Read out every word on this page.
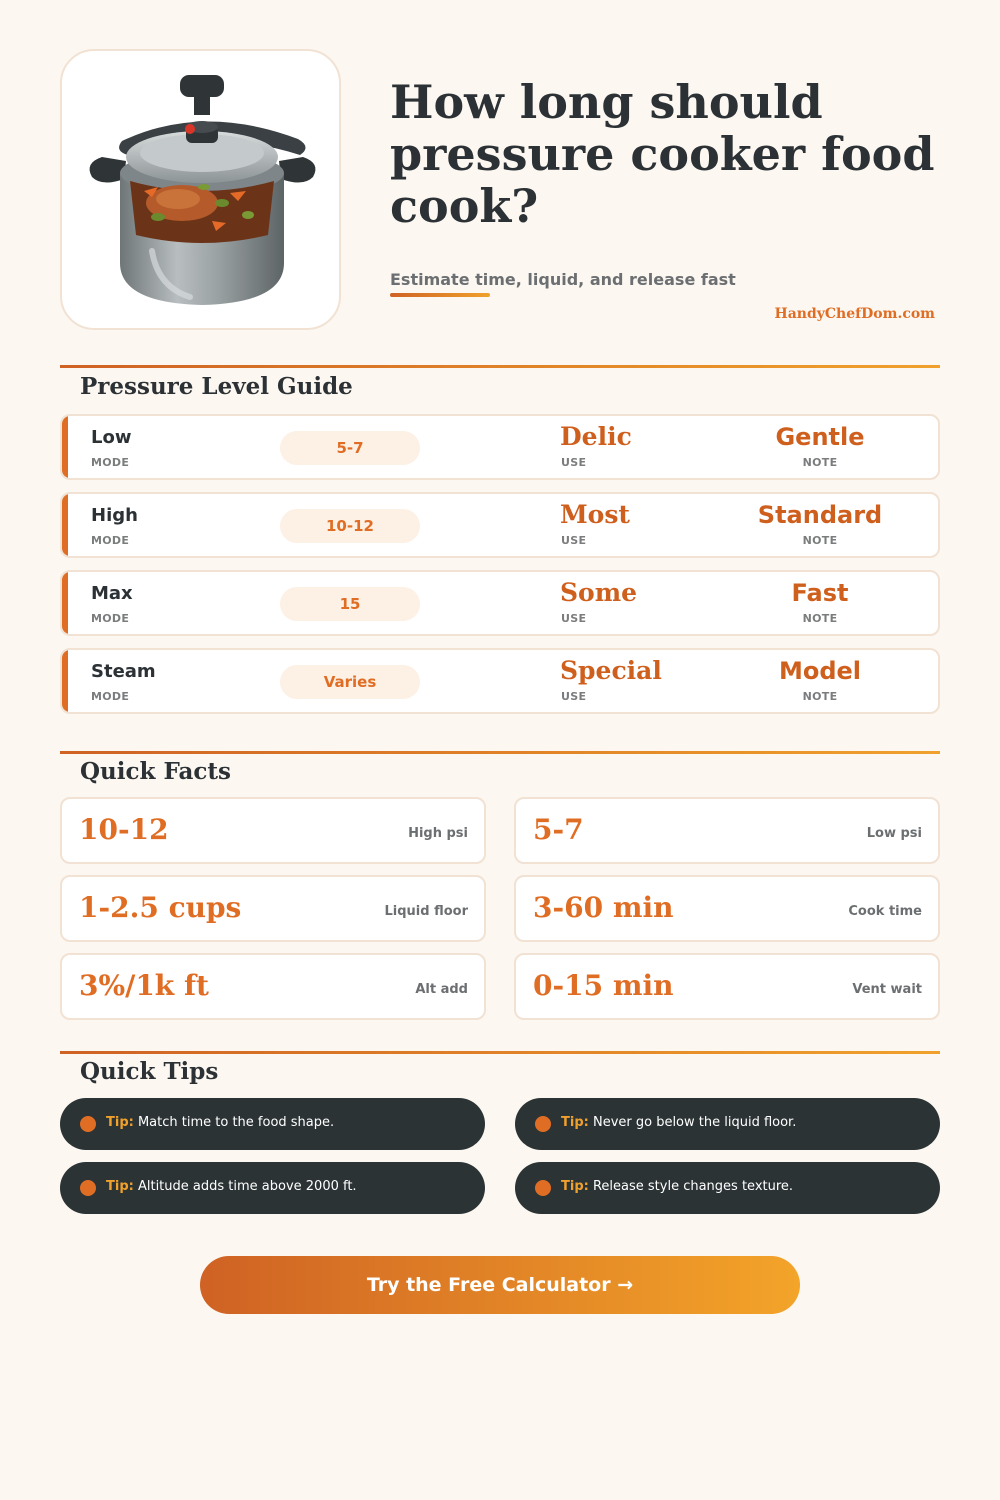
How long should pressure cooker food cook?
Estimate time, liquid, and release fast
HandyChefDom.com
Pressure Level Guide
Low
MODE
5-7	Delic
USE
Gentle
NOTE
High
MODE
10-12	Most
USE
Standard
NOTE
Max
MODE
15	Some
USE
Fast
NOTE
Steam
MODE
Varies	Special
USE
Model
NOTE
Quick Facts
10-12	High psi 5-7	Low psi
1-2.5 cups	Liquid floor 3-60 min	Cook time
3%/1k ft	Alt add 0-15 min	Vent wait
Quick Tips
Tip: Match time to the food shape.	Tip: Never go below the liquid floor.
Tip: Altitude adds time above 2000 ft.	Tip: Release style changes texture.
Try the Free Calculator →
